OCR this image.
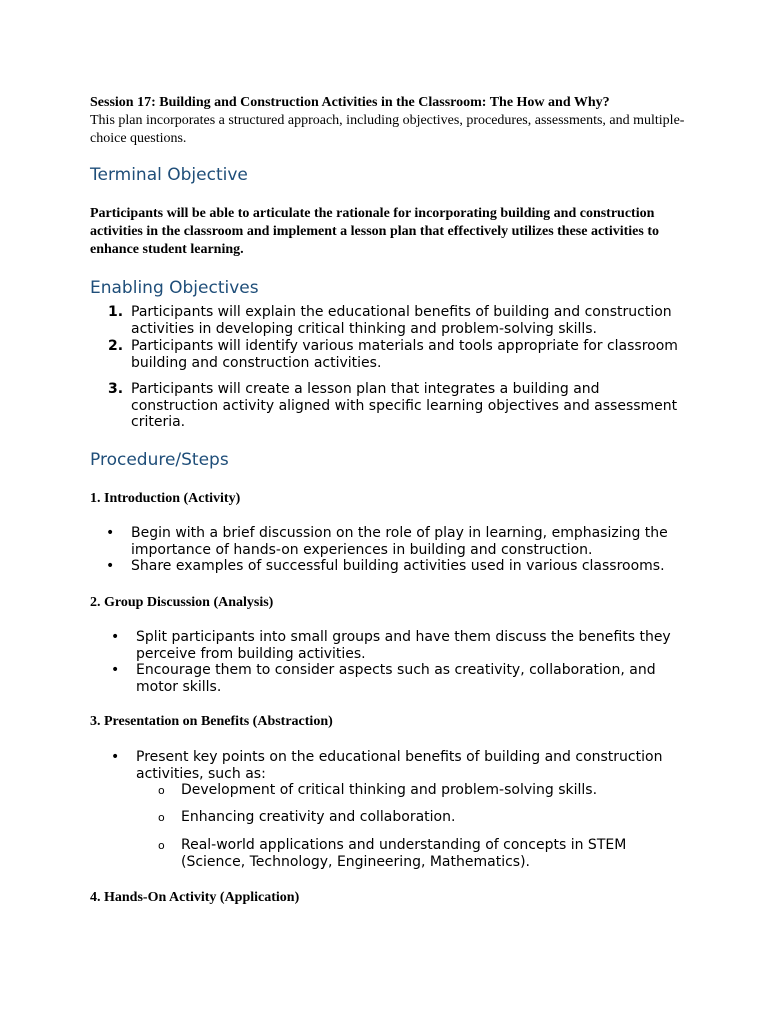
Session 17: Building and Construction Activities in the Classroom: The How and Why?
This plan incorporates a structured approach, including objectives, procedures, assessments, and multiple-choice questions.
Terminal Objective
Participants will be able to articulate the rationale for incorporating building and construction activities in the classroom and implement a lesson plan that effectively utilizes these activities to enhance student learning.
Enabling Objectives
1. Participants will explain the educational benefits of building and construction activities in developing critical thinking and problem-solving skills.
2. Participants will identify various materials and tools appropriate for classroom building and construction activities.
3. Participants will create a lesson plan that integrates a building and construction activity aligned with specific learning objectives and assessment criteria.
Procedure/Steps
1. Introduction (Activity)
• Begin with a brief discussion on the role of play in learning, emphasizing the importance of hands-on experiences in building and construction.
• Share examples of successful building activities used in various classrooms.
2. Group Discussion (Analysis)
• Split participants into small groups and have them discuss the benefits they perceive from building activities.
• Encourage them to consider aspects such as creativity, collaboration, and motor skills.
3. Presentation on Benefits (Abstraction)
• Present key points on the educational benefits of building and construction activities, such as:
o Development of critical thinking and problem-solving skills.
o Enhancing creativity and collaboration.
o Real-world applications and understanding of concepts in STEM (Science, Technology, Engineering, Mathematics).
4. Hands-On Activity (Application)
